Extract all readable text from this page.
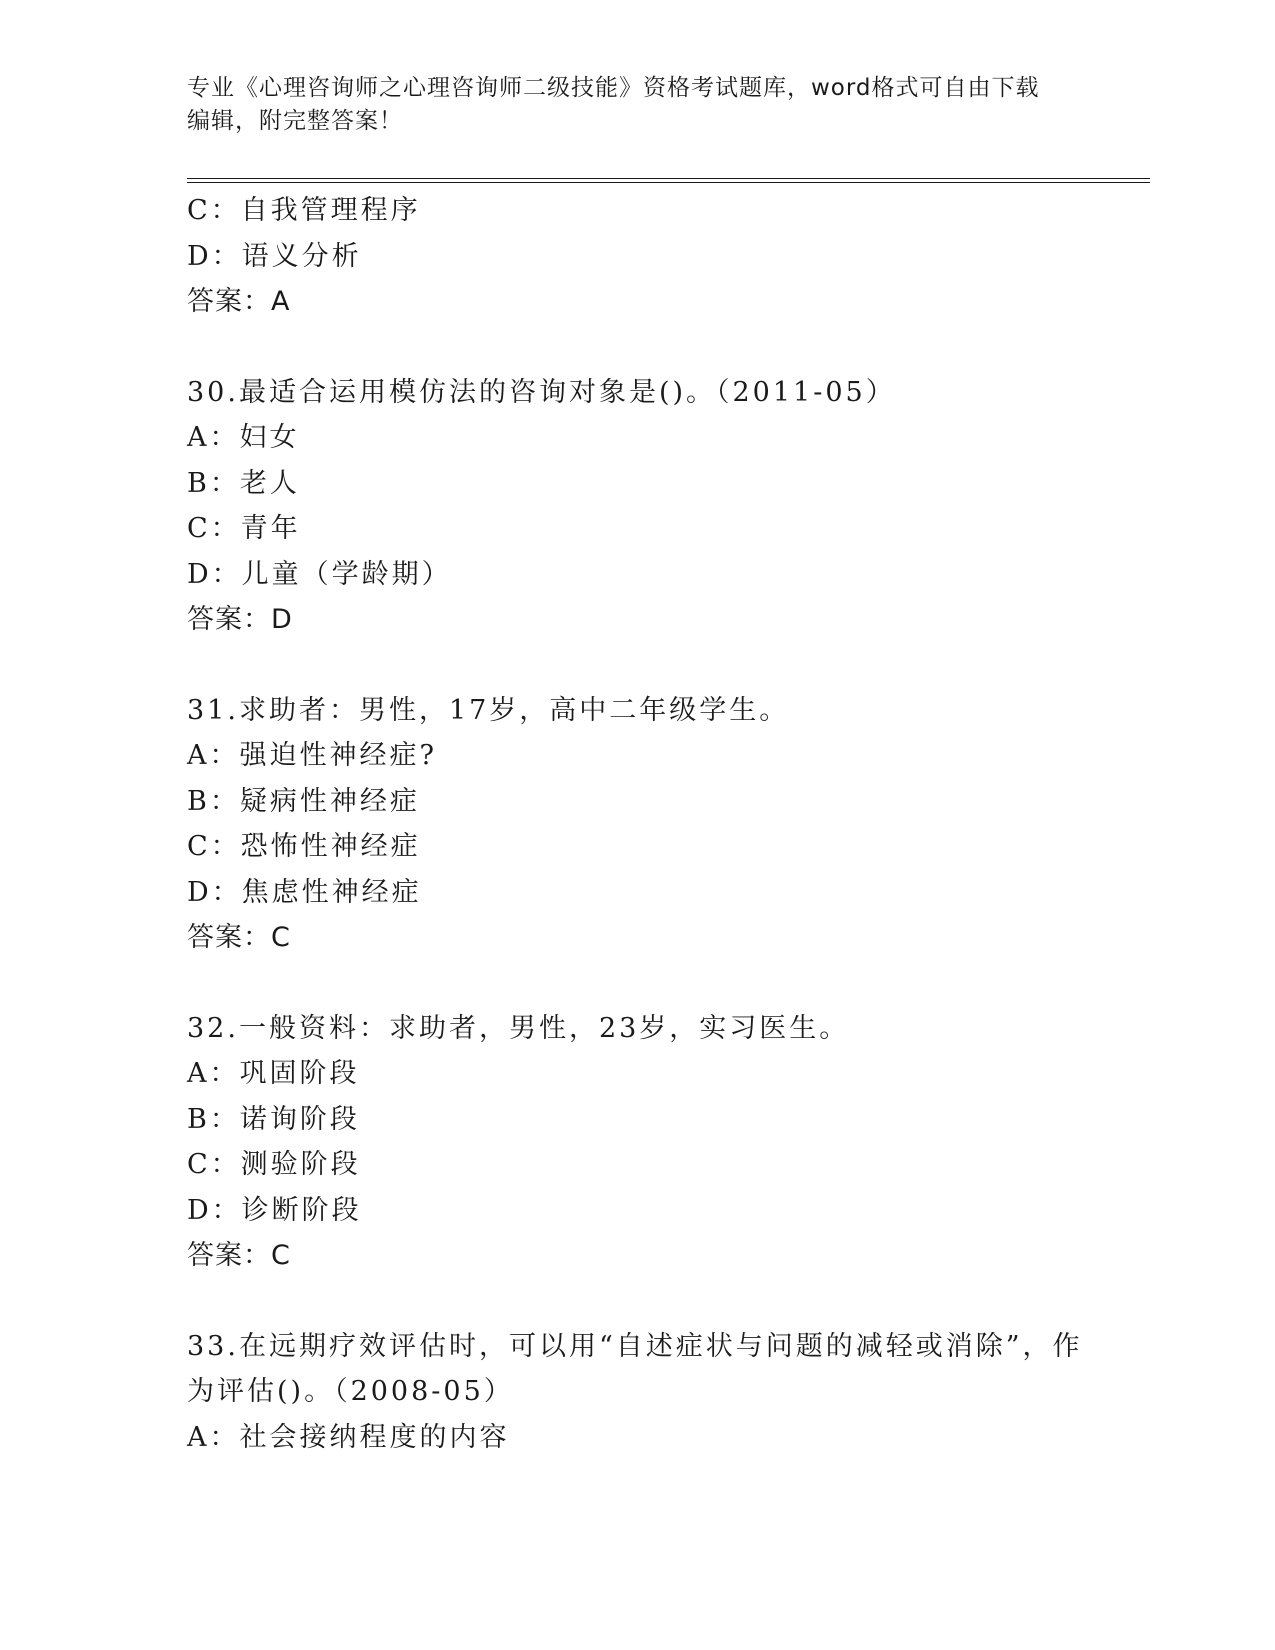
专业《心理咨询师之心理咨询师二级技能》资格考试题库，word格式可自由下载
编辑，附完整答案！
C：自我管理程序
D：语义分析
答案：A
30.最适合运用模仿法的咨询对象是()。（2011-05）
A：妇女
B：老人
C：青年
D：儿童（学龄期）
答案：D
31.求助者：男性，17岁，高中二年级学生。
A：强迫性神经症?
B：疑病性神经症
C：恐怖性神经症
D：焦虑性神经症
答案：C
32.一般资料：求助者，男性，23岁，实习医生。
A：巩固阶段
B：诺询阶段
C：测验阶段
D：诊断阶段
答案：C
33.在远期疗效评估时，可以用“自述症状与问题的减轻或消除”，作
为评估()。（2008-05）
A：社会接纳程度的内容
